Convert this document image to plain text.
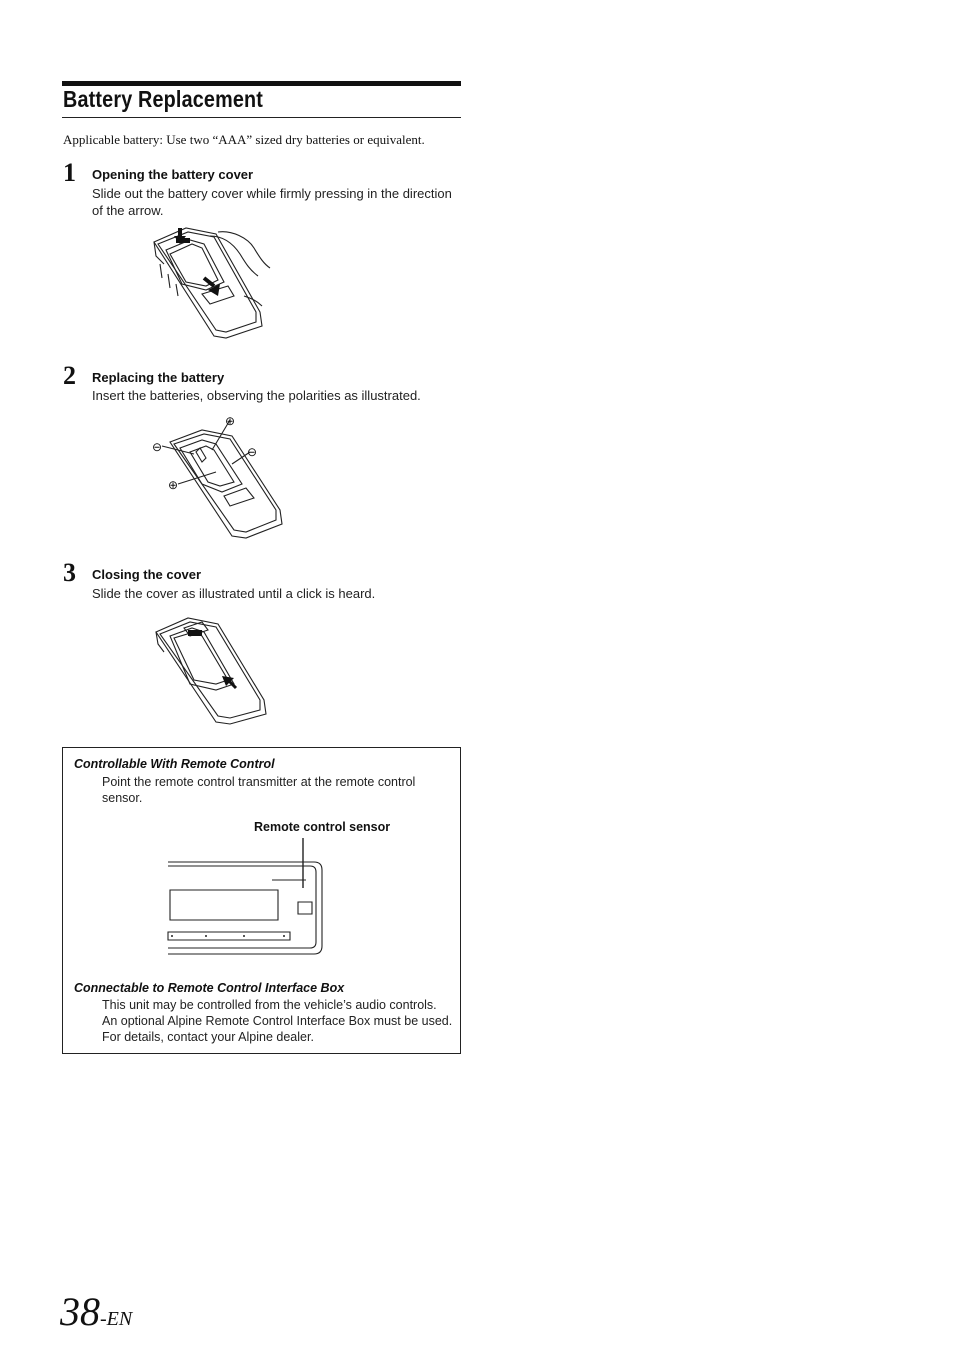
Battery Replacement
Applicable battery: Use two “AAA” sized dry batteries or equivalent.
1 Opening the battery cover
Slide out the battery cover while firmly pressing in the direction of the arrow.
2 Replacing the battery
Insert the batteries, observing the polarities as illustrated.
⊕
⊖	⊖
⊕
3 Closing the cover
Slide the cover as illustrated until a click is heard.
Controllable With Remote Control
Point the remote control transmitter at the remote control sensor.
Remote control sensor
Connectable to Remote Control Interface Box
This unit may be controlled from the vehicle’s audio controls. An optional Alpine Remote Control Interface Box must be used. For details, contact your Alpine dealer.
38-EN
